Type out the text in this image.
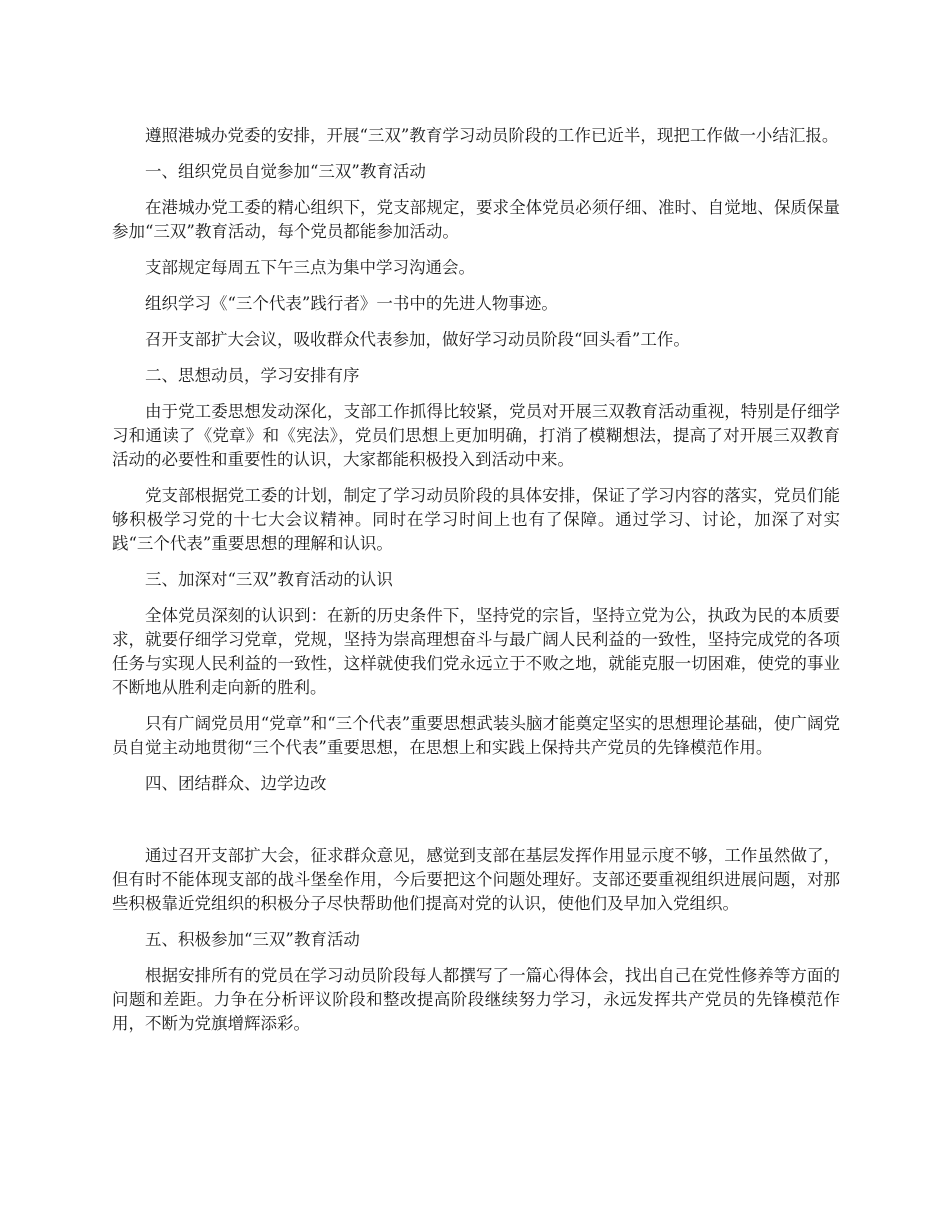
遵照港城办党委的安排，开展“三双”教育学习动员阶段的工作已近半，现把工作做一小结汇报。

一、组织党员自觉参加“三双”教育活动

在港城办党工委的精心组织下，党支部规定，要求全体党员必须仔细、准时、自觉地、保质保量参加“三双”教育活动，每个党员都能参加活动。

支部规定每周五下午三点为集中学习沟通会。

组织学习《“三个代表”践行者》一书中的先进人物事迹。

召开支部扩大会议，吸收群众代表参加，做好学习动员阶段“回头看”工作。

二、思想动员，学习安排有序

由于党工委思想发动深化，支部工作抓得比较紧，党员对开展三双教育活动重视，特别是仔细学习和通读了《党章》和《宪法》，党员们思想上更加明确，打消了模糊想法，提高了对开展三双教育活动的必要性和重要性的认识，大家都能积极投入到活动中来。

党支部根据党工委的计划，制定了学习动员阶段的具体安排，保证了学习内容的落实，党员们能够积极学习党的十七大会议精神。同时在学习时间上也有了保障。通过学习、讨论，加深了对实践“三个代表”重要思想的理解和认识。

三、加深对“三双”教育活动的认识

全体党员深刻的认识到：在新的历史条件下，坚持党的宗旨，坚持立党为公，执政为民的本质要求，就要仔细学习党章，党规，坚持为崇高理想奋斗与最广阔人民利益的一致性，坚持完成党的各项任务与实现人民利益的一致性，这样就使我们党永远立于不败之地，就能克服一切困难，使党的事业不断地从胜利走向新的胜利。

只有广阔党员用“党章”和“三个代表”重要思想武装头脑才能奠定坚实的思想理论基础，使广阔党员自觉主动地贯彻“三个代表”重要思想，在思想上和实践上保持共产党员的先锋模范作用。

四、团结群众、边学边改

通过召开支部扩大会，征求群众意见，感觉到支部在基层发挥作用显示度不够，工作虽然做了，但有时不能体现支部的战斗堡垒作用，今后要把这个问题处理好。支部还要重视组织进展问题，对那些积极靠近党组织的积极分子尽快帮助他们提高对党的认识，使他们及早加入党组织。

五、积极参加“三双”教育活动

根据安排所有的党员在学习动员阶段每人都撰写了一篇心得体会，找出自己在党性修养等方面的问题和差距。力争在分析评议阶段和整改提高阶段继续努力学习，永远发挥共产党员的先锋模范作用，不断为党旗增辉添彩。
